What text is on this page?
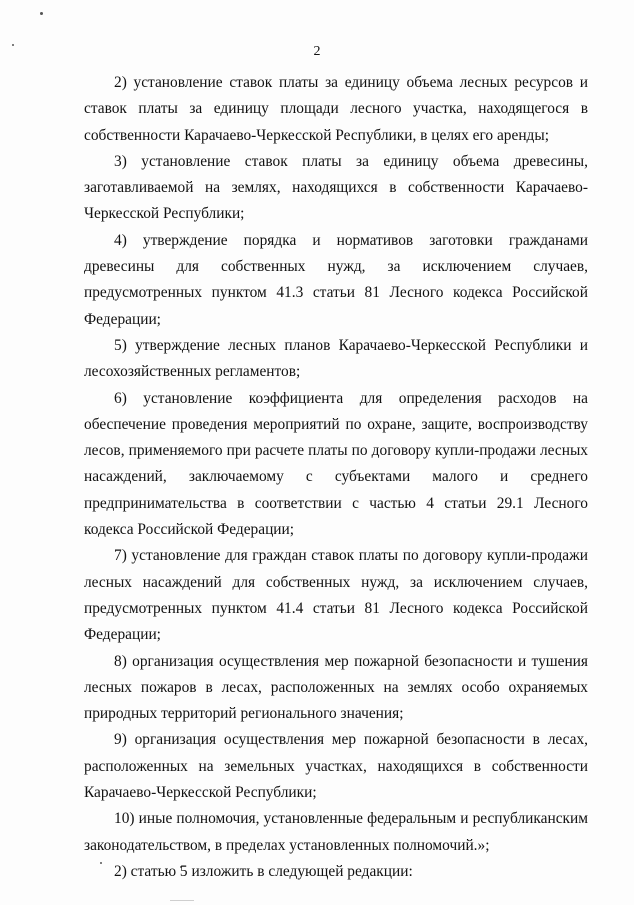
2

2) установление ставок платы за единицу объема лесных ресурсов и ставок платы за единицу площади лесного участка, находящегося в собственности Карачаево-Черкесской Республики, в целях его аренды;

3) установление ставок платы за единицу объема древесины, заготавливаемой на землях, находящихся в собственности Карачаево-Черкесской Республики;

4) утверждение порядка и нормативов заготовки гражданами древесины для собственных нужд, за исключением случаев, предусмотренных пунктом 41.3 статьи 81 Лесного кодекса Российской Федерации;

5) утверждение лесных планов Карачаево-Черкесской Республики и лесохозяйственных регламентов;

6) установление коэффициента для определения расходов на обеспечение проведения мероприятий по охране, защите, воспроизводству лесов, применяемого при расчете платы по договору купли-продажи лесных насаждений, заключаемому с субъектами малого и среднего предпринимательства в соответствии с частью 4 статьи 29.1 Лесного кодекса Российской Федерации;

7) установление для граждан ставок платы по договору купли-продажи лесных насаждений для собственных нужд, за исключением случаев, предусмотренных пунктом 41.4 статьи 81 Лесного кодекса Российской Федерации;

8) организация осуществления мер пожарной безопасности и тушения лесных пожаров в лесах, расположенных на землях особо охраняемых природных территорий регионального значения;

9) организация осуществления мер пожарной безопасности в лесах, расположенных на земельных участках, находящихся в собственности Карачаево-Черкесской Республики;

10) иные полномочия, установленные федеральным и республиканским законодательством, в пределах установленных полномочий.»;

2) статью 5 изложить в следующей редакции:
